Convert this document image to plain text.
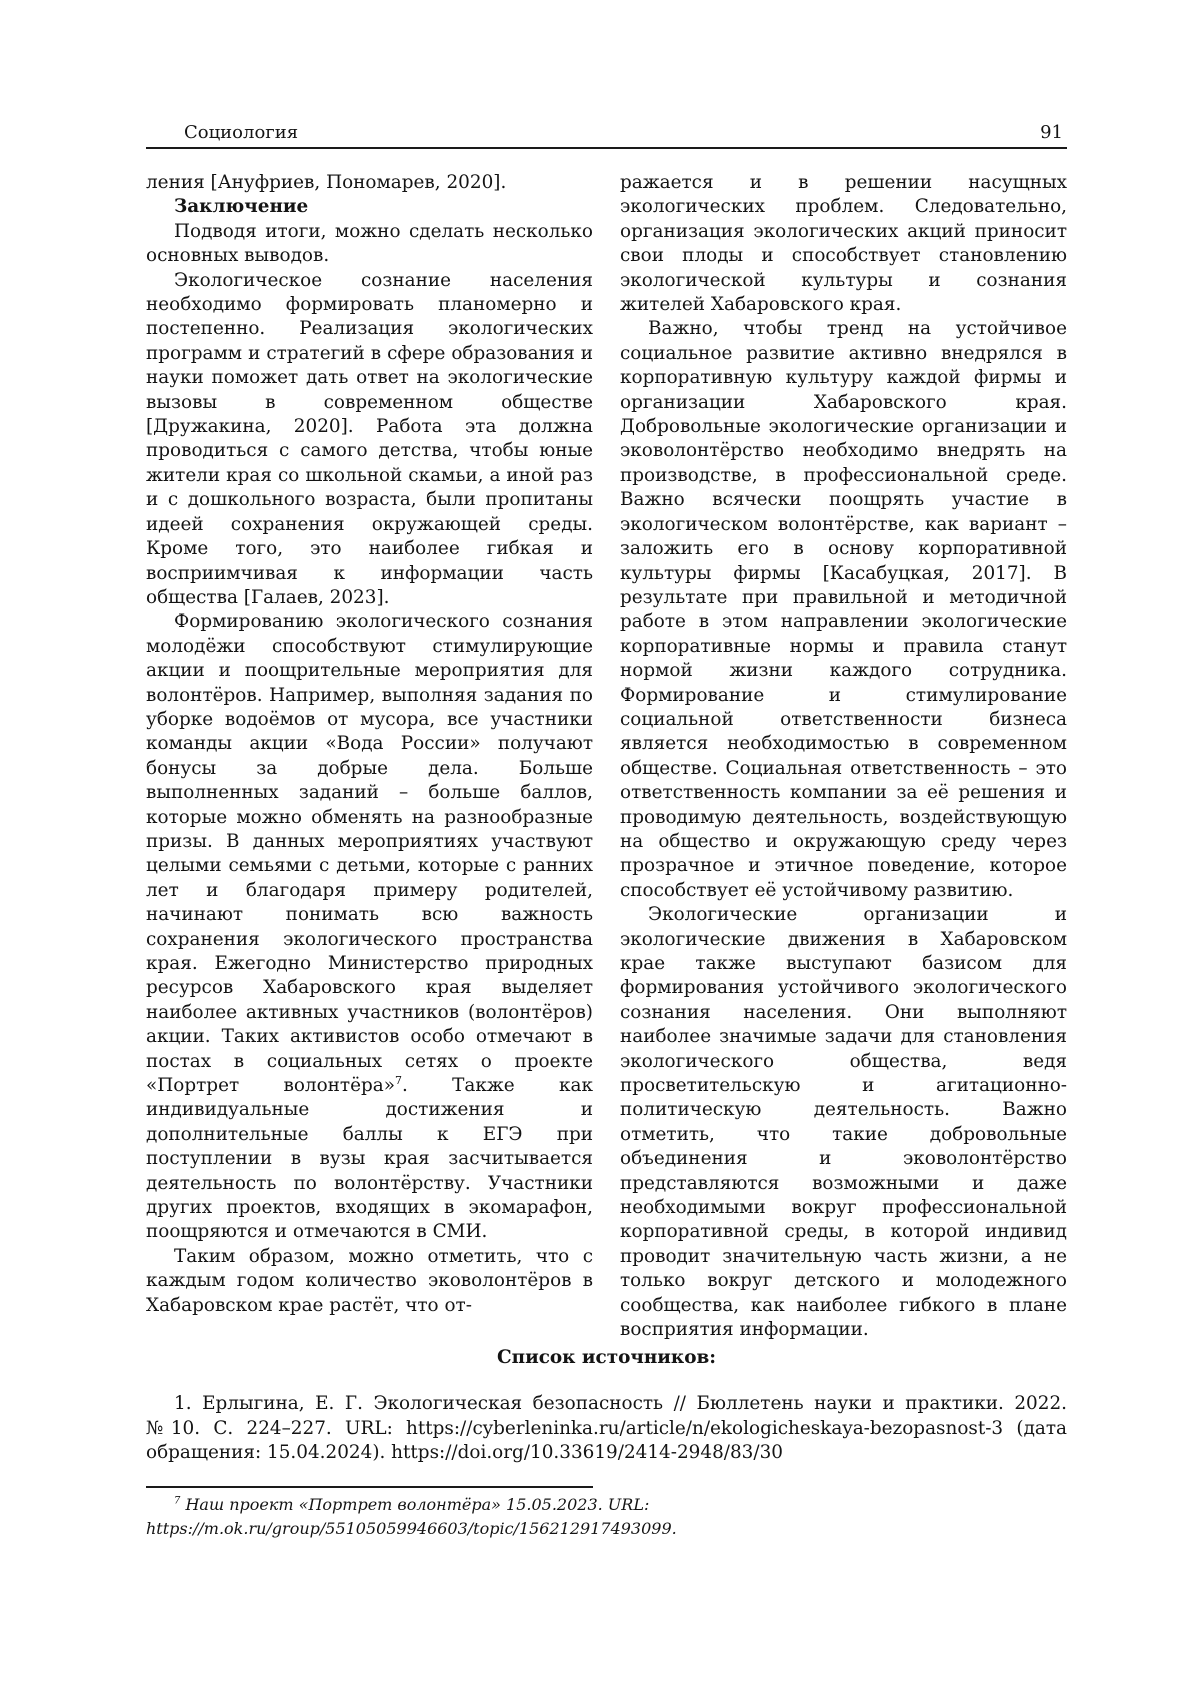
Социология	91

ления [Ануфриев, Пономарев, 2020].

Заключение

Подводя итоги, можно сделать несколько основных выводов.

Экологическое сознание населения необходимо формировать планомерно и постепенно. Реализация экологических программ и стратегий в сфере образования и науки поможет дать ответ на экологические вызовы в современном обществе [Дружакина, 2020]. Работа эта должна проводиться с самого детства, чтобы юные жители края со школьной скамьи, а иной раз и с дошкольного возраста, были пропитаны идеей сохранения окружающей среды. Кроме того, это наиболее гибкая и восприимчивая к информации часть общества [Галаев, 2023].

Формированию экологического сознания молодёжи способствуют стимулирующие акции и поощрительные мероприятия для волонтёров. Например, выполняя задания по уборке водоёмов от мусора, все участники команды акции «Вода России» получают бонусы за добрые дела. Больше выполненных заданий – больше баллов, которые можно обменять на разнообразные призы. В данных мероприятиях участвуют целыми семьями с детьми, которые с ранних лет и благодаря примеру родителей, начинают понимать всю важность сохранения экологического пространства края. Ежегодно Министерство природных ресурсов Хабаровского края выделяет наиболее активных участников (волонтёров) акции. Таких активистов особо отмечают в постах в социальных сетях о проекте «Портрет волонтёра»$^7$. Также как индивидуальные достижения и дополнительные баллы к ЕГЭ при поступлении в вузы края засчитывается деятельность по волонтёрству. Участники других проектов, входящих в экомарафон, поощряются и отмечаются в СМИ.

Таким образом, можно отметить, что с каждым годом количество эковолонтёров в Хабаровском крае растёт, что от-

ражается и в решении насущных экологических проблем. Следовательно, организация экологических акций приносит свои плоды и способствует становлению экологической культуры и сознания жителей Хабаровского края.

Важно, чтобы тренд на устойчивое социальное развитие активно внедрялся в корпоративную культуру каждой фирмы и организации Хабаровского края. Добровольные экологические организации и эковолонтёрство необходимо внедрять на производстве, в профессиональной среде. Важно всячески поощрять участие в экологическом волонтёрстве, как вариант – заложить его в основу корпоративной культуры фирмы [Касабуцкая, 2017]. В результате при правильной и методичной работе в этом направлении экологические корпоративные нормы и правила станут нормой жизни каждого сотрудника. Формирование и стимулирование социальной ответственности бизнеса является необходимостью в современном обществе. Социальная ответственность – это ответственность компании за её решения и проводимую деятельность, воздействующую на общество и окружающую среду через прозрачное и этичное поведение, которое способствует её устойчивому развитию.

Экологические организации и экологические движения в Хабаровском крае также выступают базисом для формирования устойчивого экологического сознания населения. Они выполняют наиболее значимые задачи для становления экологического общества, ведя просветительскую и агитационно-политическую деятельность. Важно отметить, что такие добровольные объединения и эковолонтёрство представляются возможными и даже необходимыми вокруг профессиональной корпоративной среды, в которой индивид проводит значительную часть жизни, а не только вокруг детского и молодежного сообщества, как наиболее гибкого в плане восприятия информации.

Список источников:

1. Ерлыгина, Е. Г. Экологическая безопасность // Бюллетень науки и практики. 2022. №10. С. 224–227. URL: https://cyberleninka.ru/article/n/ekologicheskaya-bezopasnost-3 (дата обращения: 15.04.2024). https://doi.org/10.33619/2414-2948/83/30

$^7$ Наш проект «Портрет волонтёра» 15.05.2023. URL: https://m.ok.ru/group/55105059946603/topic/156212917493099.
